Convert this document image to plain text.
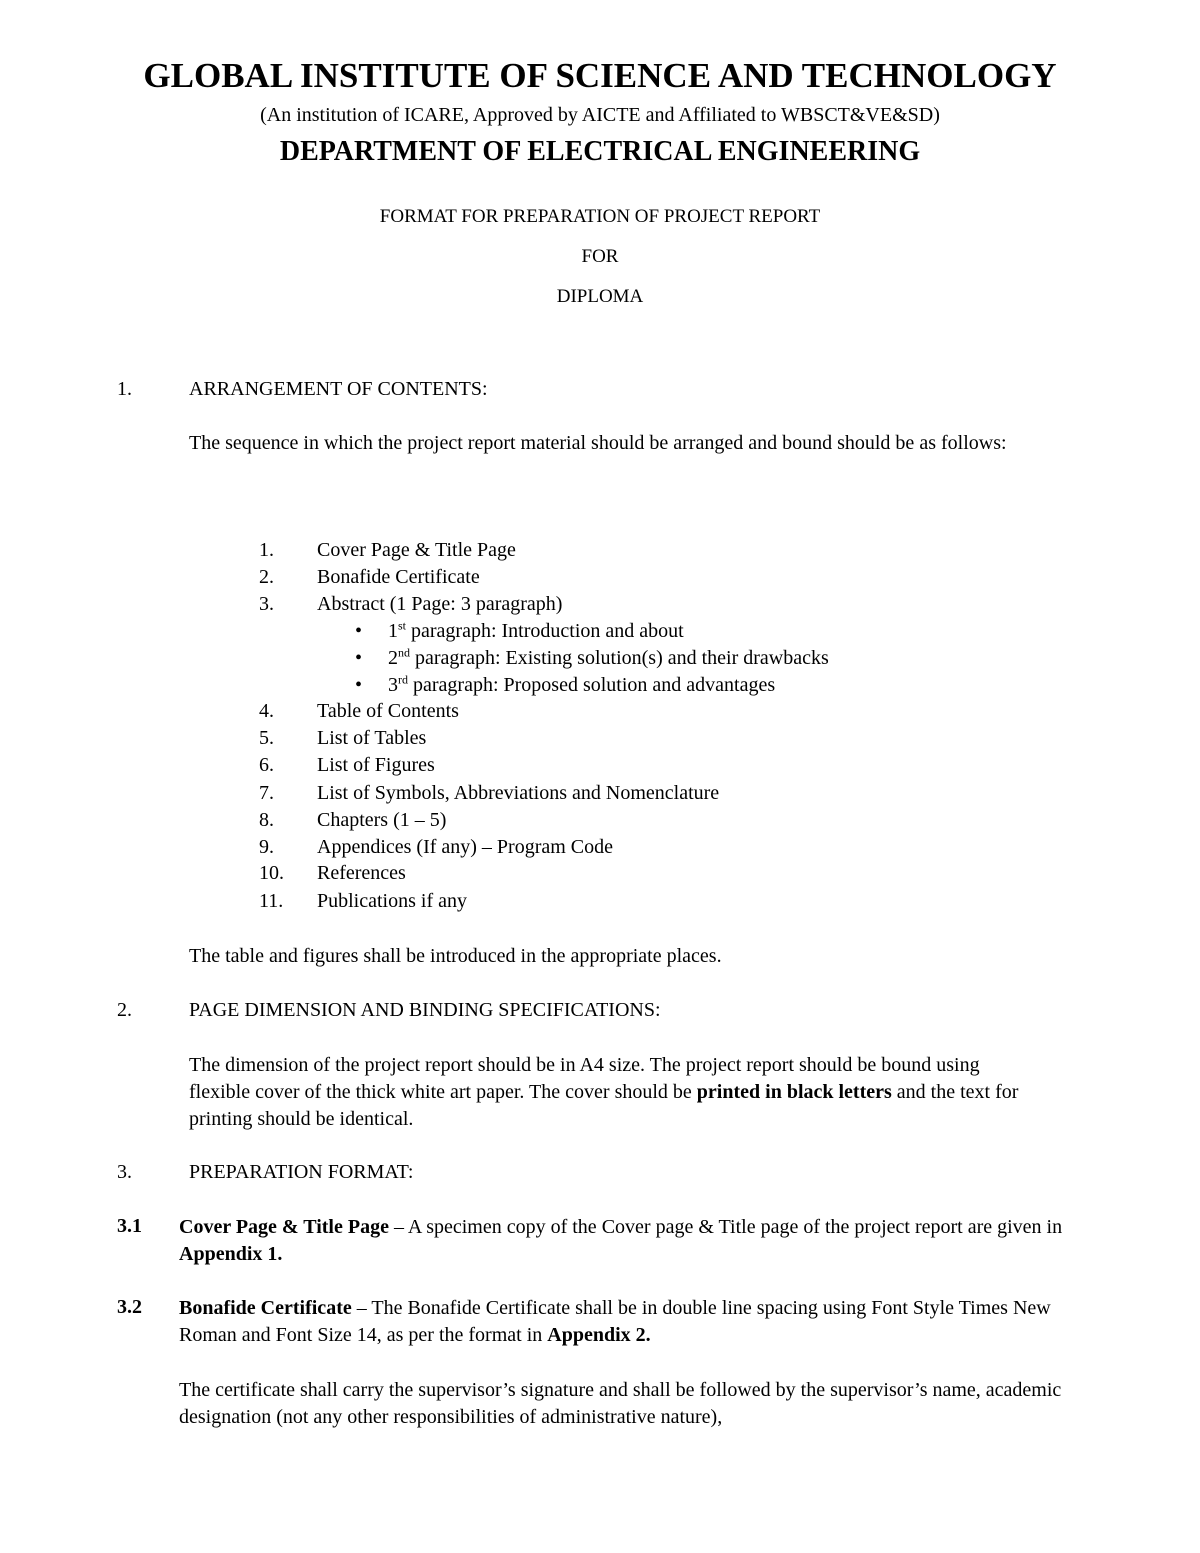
GLOBAL INSTITUTE OF SCIENCE AND TECHNOLOGY
(An institution of ICARE, Approved by AICTE and Affiliated to WBSCT&VE&SD)
DEPARTMENT OF ELECTRICAL ENGINEERING
FORMAT FOR PREPARATION OF PROJECT REPORT
FOR
DIPLOMA
1.	ARRANGEMENT OF CONTENTS:
The sequence in which the project report material should be arranged and bound should be as follows:
1. Cover Page & Title Page
2. Bonafide Certificate
3. Abstract (1 Page: 3 paragraph)
• 1st paragraph: Introduction and about
• 2nd paragraph: Existing solution(s) and their drawbacks
• 3rd paragraph: Proposed solution and advantages
4. Table of Contents
5. List of Tables
6. List of Figures
7. List of Symbols, Abbreviations and Nomenclature
8. Chapters (1 – 5)
9. Appendices (If any) – Program Code
10. References
11. Publications if any
The table and figures shall be introduced in the appropriate places.
2.	PAGE DIMENSION AND BINDING SPECIFICATIONS:
The dimension of the project report should be in A4 size. The project report should be bound using flexible cover of the thick white art paper. The cover should be printed in black letters and the text for printing should be identical.
3.	PREPARATION FORMAT:
3.1 Cover Page & Title Page – A specimen copy of the Cover page & Title page of the project report are given in Appendix 1.
3.2 Bonafide Certificate – The Bonafide Certificate shall be in double line spacing using Font Style Times New Roman and Font Size 14, as per the format in Appendix 2.
The certificate shall carry the supervisor’s signature and shall be followed by the supervisor’s name, academic designation (not any other responsibilities of administrative nature),
